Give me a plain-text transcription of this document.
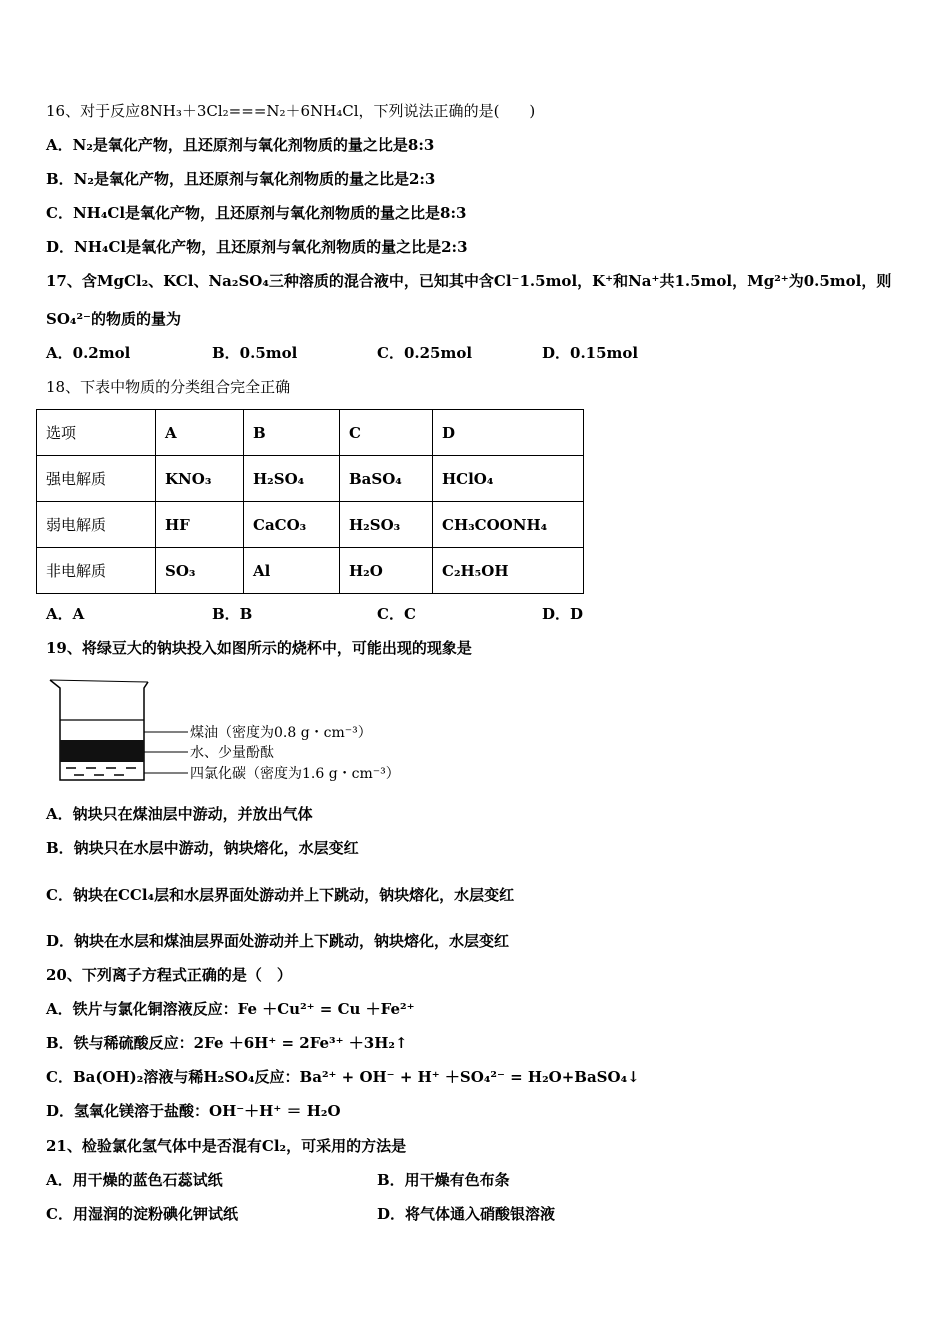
16、对于反应8NH₃＋3Cl₂===N₂＋6NH₄Cl，下列说法正确的是(　　)
A．N₂是氧化产物，且还原剂与氧化剂物质的量之比是8:3
B．N₂是氧化产物，且还原剂与氧化剂物质的量之比是2:3
C．NH₄Cl是氧化产物，且还原剂与氧化剂物质的量之比是8:3
D．NH₄Cl是氧化产物，且还原剂与氧化剂物质的量之比是2:3
17、含MgCl₂、KCl、Na₂SO₄三种溶质的混合液中，已知其中含Cl⁻1.5mol，K⁺和Na⁺共1.5mol，Mg²⁺为0.5mol，则
SO₄²⁻的物质的量为
A．0.2mol	B．0.5mol	C．0.25mol	D．0.15mol
18、下表中物质的分类组合完全正确
选项	A	B	C	D
强电解质	KNO₃	H₂SO₄	BaSO₄	HClO₄
弱电解质	HF	CaCO₃	H₂SO₃	CH₃COONH₄
非电解质	SO₃	Al	H₂O	C₂H₅OH
A．A	B．B	C．C	D．D
19、将绿豆大的钠块投入如图所示的烧杯中，可能出现的现象是
煤油（密度为0.8 g・cm⁻³）
水、少量酚酞
四氯化碳（密度为1.6 g・cm⁻³）
A．钠块只在煤油层中游动，并放出气体
B．钠块只在水层中游动，钠块熔化，水层变红
C．钠块在CCl₄层和水层界面处游动并上下跳动，钠块熔化，水层变红
D．钠块在水层和煤油层界面处游动并上下跳动，钠块熔化，水层变红
20、下列离子方程式正确的是（　）
A．铁片与氯化铜溶液反应：Fe ＋Cu²⁺ = Cu ＋Fe²⁺
B．铁与稀硫酸反应：2Fe ＋6H⁺ = 2Fe³⁺ ＋3H₂↑
C．Ba(OH)₂溶液与稀H₂SO₄反应：Ba²⁺ + OH⁻ + H⁺ ＋SO₄²⁻ = H₂O+BaSO₄↓
D．氢氧化镁溶于盐酸：OH⁻＋H⁺ ＝ H₂O
21、检验氯化氢气体中是否混有Cl₂，可采用的方法是
A．用干燥的蓝色石蕊试纸	B．用干燥有色布条
C．用湿润的淀粉碘化钾试纸	D．将气体通入硝酸银溶液
